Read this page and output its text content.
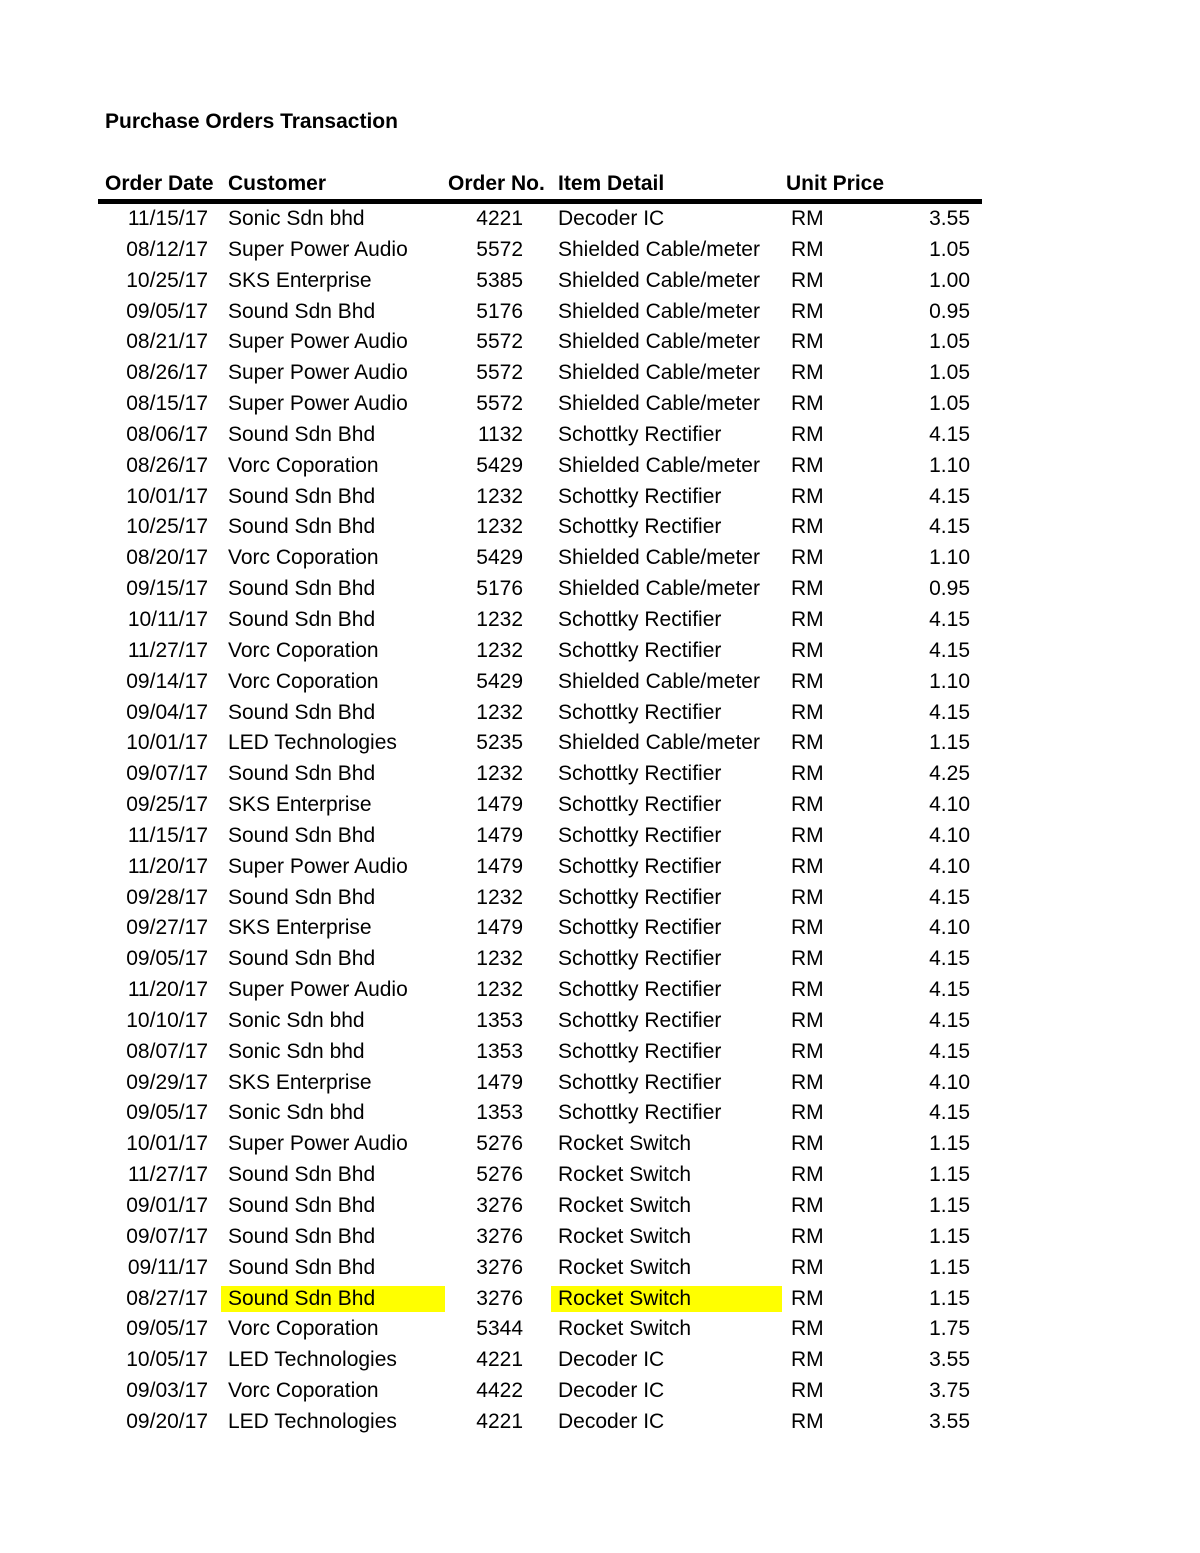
Purchase Orders Transaction
Order Date Customer	Order No. Item Detail	Unit Price
11/15/17 Sonic Sdn bhd	4221	Decoder IC	RM	3.55
08/12/17 Super Power Audio	5572	Shielded Cable/meter	RM	1.05
10/25/17 SKS Enterprise	5385	Shielded Cable/meter	RM	1.00
09/05/17 Sound Sdn Bhd	5176	Shielded Cable/meter	RM	0.95
08/21/17 Super Power Audio	5572	Shielded Cable/meter	RM	1.05
08/26/17 Super Power Audio	5572	Shielded Cable/meter	RM	1.05
08/15/17 Super Power Audio	5572	Shielded Cable/meter	RM	1.05
08/06/17 Sound Sdn Bhd	1132	Schottky Rectifier	RM	4.15
08/26/17 Vorc Coporation	5429	Shielded Cable/meter	RM	1.10
10/01/17 Sound Sdn Bhd	1232	Schottky Rectifier	RM	4.15
10/25/17 Sound Sdn Bhd	1232	Schottky Rectifier	RM	4.15
08/20/17 Vorc Coporation	5429	Shielded Cable/meter	RM	1.10
09/15/17 Sound Sdn Bhd	5176	Shielded Cable/meter	RM	0.95
10/11/17 Sound Sdn Bhd	1232	Schottky Rectifier	RM	4.15
11/27/17 Vorc Coporation	1232	Schottky Rectifier	RM	4.15
09/14/17 Vorc Coporation	5429	Shielded Cable/meter	RM	1.10
09/04/17 Sound Sdn Bhd	1232	Schottky Rectifier	RM	4.15
10/01/17 LED Technologies	5235	Shielded Cable/meter	RM	1.15
09/07/17 Sound Sdn Bhd	1232	Schottky Rectifier	RM	4.25
09/25/17 SKS Enterprise	1479	Schottky Rectifier	RM	4.10
11/15/17 Sound Sdn Bhd	1479	Schottky Rectifier	RM	4.10
11/20/17 Super Power Audio	1479	Schottky Rectifier	RM	4.10
09/28/17 Sound Sdn Bhd	1232	Schottky Rectifier	RM	4.15
09/27/17 SKS Enterprise	1479	Schottky Rectifier	RM	4.10
09/05/17 Sound Sdn Bhd	1232	Schottky Rectifier	RM	4.15
11/20/17 Super Power Audio	1232	Schottky Rectifier	RM	4.15
10/10/17 Sonic Sdn bhd	1353	Schottky Rectifier	RM	4.15
08/07/17 Sonic Sdn bhd	1353	Schottky Rectifier	RM	4.15
09/29/17 SKS Enterprise	1479	Schottky Rectifier	RM	4.10
09/05/17 Sonic Sdn bhd	1353	Schottky Rectifier	RM	4.15
10/01/17 Super Power Audio	5276	Rocket Switch	RM	1.15
11/27/17 Sound Sdn Bhd	5276	Rocket Switch	RM	1.15
09/01/17 Sound Sdn Bhd	3276	Rocket Switch	RM	1.15
09/07/17 Sound Sdn Bhd	3276	Rocket Switch	RM	1.15
09/11/17 Sound Sdn Bhd	3276	Rocket Switch	RM	1.15
08/27/17 Sound Sdn Bhd	3276	Rocket Switch	RM	1.15
09/05/17 Vorc Coporation	5344	Rocket Switch	RM	1.75
10/05/17 LED Technologies	4221	Decoder IC	RM	3.55
09/03/17 Vorc Coporation	4422	Decoder IC	RM	3.75
09/20/17 LED Technologies	4221	Decoder IC	RM	3.55
